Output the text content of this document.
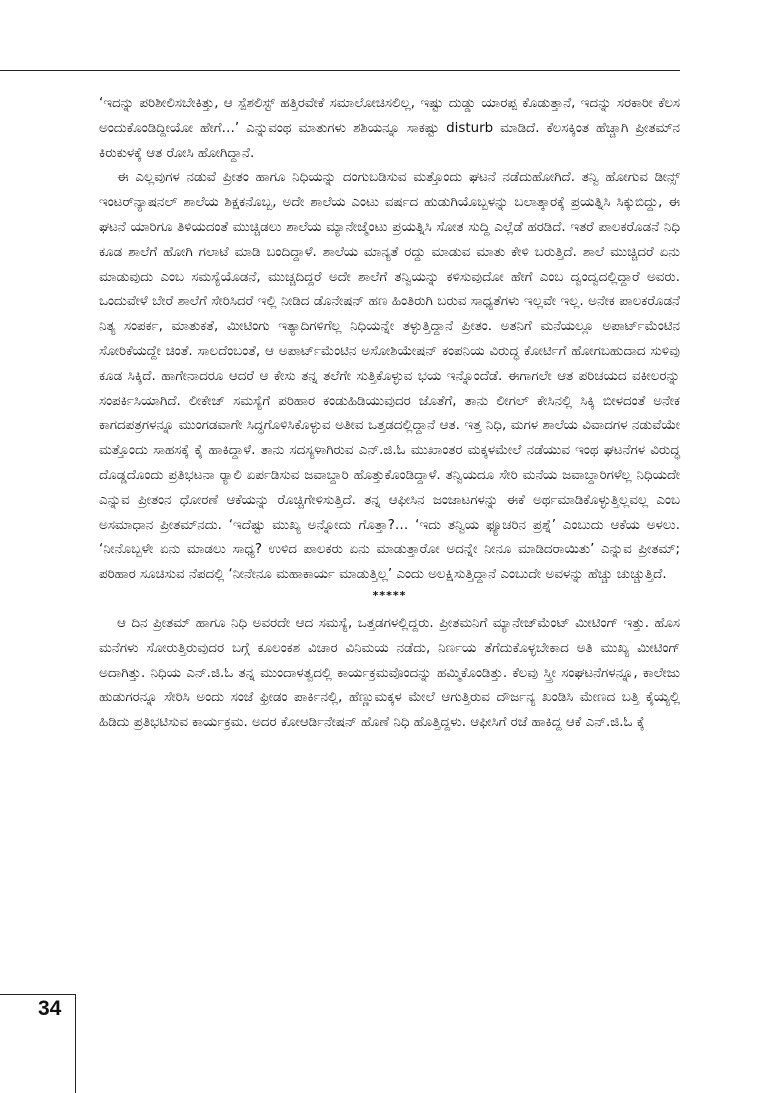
‘ಇದನ್ನು ಪರಿಶೀಲಿಸಬೇಕಿತ್ತು, ಆ ಸ್ಪೆಶಲಿಸ್ಟ್ ಹತ್ತಿರವೇಕೆ ಸಮಾಲೋಚಿಸಲಿಲ್ಲ, ಇಷ್ಟು ದುಡ್ಡು ಯಾರಪ್ಪ ಕೊಡುತ್ತಾನೆ, ಇದನ್ನು ಸರಕಾರೀ ಕೆಲಸ ಅಂದುಕೊಂಡಿದ್ದೀಯೋ ಹೇಗೆ…’ ಎನ್ನುವಂಥ ಮಾತುಗಳು ಶಶಿಯನ್ನೂ ಸಾಕಷ್ಟು disturb ಮಾಡಿದೆ. ಕೆಲಸಕ್ಕಿಂತ ಹೆಚ್ಚಾಗಿ ಪ್ರೀತಮ್‌ನ ಕಿರುಕುಳಕ್ಕೆ ಆತ ರೋಸಿ ಹೋಗಿದ್ದಾನೆ.

ಈ ಎಲ್ಲವುಗಳ ನಡುವೆ ಪ್ರೀತಂ ಹಾಗೂ ನಿಧಿಯನ್ನು ದಂಗುಬಡಿಸುವ ಮತ್ತೊಂದು ಘಟನೆ ನಡೆದುಹೋಗಿದೆ. ತನ್ವಿ ಹೋಗುವ ಡೀನ್ಸ್ ಇಂಟರ್‌ನ್ಯಾಷನಲ್ ಶಾಲೆಯ ಶಿಕ್ಷಕನೊಬ್ಬ, ಅದೇ ಶಾಲೆಯ ಎಂಟು ವರ್ಷದ ಹುಡುಗಿಯೊಬ್ಬಳನ್ನು ಬಲಾತ್ಕಾರಕ್ಕೆ ಪ್ರಯತ್ನಿಸಿ ಸಿಕ್ಕುಬಿದ್ದು, ಈ ಘಟನೆ ಯಾರಿಗೂ ತಿಳಿಯದಂತೆ ಮುಚ್ಚಿಡಲು ಶಾಲೆಯ ಮ್ಯಾನೇಜ್ಮೆಂಟು ಪ್ರಯತ್ನಿಸಿ ಸೋತ ಸುದ್ದಿ ಎಲ್ಲೆಡೆ ಹರಡಿದೆ. ಇತರೆ ಪಾಲಕರೊಡನೆ ನಿಧಿ ಕೂಡ ಶಾಲೆಗೆ ಹೋಗಿ ಗಲಾಟೆ ಮಾಡಿ ಬಂದಿದ್ದಾಳೆ. ಶಾಲೆಯ ಮಾನ್ಯತೆ ರದ್ದು ಮಾಡುವ ಮಾತು ಕೇಳಿ ಬರುತ್ತಿದೆ. ಶಾಲೆ ಮುಚ್ಚಿದರೆ ಏನು ಮಾಡುವುದು ಎಂಬ ಸಮಸ್ಯೆಯೊಡನೆ, ಮುಚ್ಚದಿದ್ದರೆ ಅದೇ ಶಾಲೆಗೆ ತನ್ವಿಯನ್ನು ಕಳಿಸುವುದೋ ಹೇಗೆ ಎಂಬ ದ್ವಂದ್ವದಲ್ಲಿದ್ದಾರೆ ಅವರು. ಒಂದುವೇಳೆ ಬೇರೆ ಶಾಲೆಗೆ ಸೇರಿಸಿದರೆ ಇಲ್ಲಿ ನೀಡಿದ ಡೊನೇಷನ್ ಹಣ ಹಿಂತಿರುಗಿ ಬರುವ ಸಾಧ್ಯತೆಗಳು ಇಲ್ಲವೇ ಇಲ್ಲ. ಅನೇಕ ಪಾಲಕರೊಡನೆ ನಿತ್ಯ ಸಂಪರ್ಕ, ಮಾತುಕತೆ, ಮೀಟಿಂಗು ಇತ್ಯಾದಿಗಳಿಗೆಲ್ಲ ನಿಧಿಯನ್ನೇ ತಳ್ಳುತ್ತಿದ್ದಾನೆ ಪ್ರೀತಂ. ಅತನಿಗೆ ಮನೆಯಲ್ಲೂ ಅಪಾರ್ಟ್‌ಮೆಂಟಿನ ಸೋರಿಕೆಯದ್ದೇ ಚಿಂತೆ. ಸಾಲದೆಂಬಂತೆ, ಆ ಅಪಾರ್ಟ್‌ಮೆಂಟಿನ ಅಸೋಶಿಯೇಷನ್ ಕಂಪನಿಯ ವಿರುದ್ಧ ಕೋರ್ಟಿಗೆ ಹೋಗಬಹುದಾದ ಸುಳಿವು ಕೂಡ ಸಿಕ್ಕಿದೆ. ಹಾಗೇನಾದರೂ ಆದರೆ ಆ ಕೇಸು ತನ್ನ ತಲೆಗೇ ಸುತ್ತಿಕೊಳ್ಳುವ ಭಯ ಇನ್ನೊಂದೆಡೆ. ಈಗಾಗಲೇ ಆತ ಪರಿಚಯದ ವಕೀಲರನ್ನು ಸಂಪರ್ಕಿಸಿಯಾಗಿದೆ. ಲೀಕೇಜ್ ಸಮಸ್ಯೆಗೆ ಪರಿಹಾರ ಕಂಡುಹಿಡಿಯುವುದರ ಜೊತೆಗೆ, ತಾನು ಲೀಗಲ್ ಕೇಸಿನಲ್ಲಿ ಸಿಕ್ಕಿ ಬೀಳದಂತೆ ಅನೇಕ ಕಾಗದಪತ್ರಗಳನ್ನೂ ಮುಂಗಡವಾಗೇ ಸಿದ್ಧಗೊಳಿಸಿಕೊಳ್ಳುವ ಅತೀವ ಒತ್ತಡದಲ್ಲಿದ್ದಾನೆ ಆತ. ಇತ್ತ ನಿಧಿ, ಮಗಳ ಶಾಲೆಯ ವಿವಾದಗಳ ನಡುವೆಯೇ ಮತ್ತೊಂದು ಸಾಹಸಕ್ಕೆ ಕೈ ಹಾಕಿದ್ದಾಳೆ. ತಾನು ಸದಸ್ಯಳಾಗಿರುವ ಎನ್.ಜಿ.ಓ ಮುಖಾಂತರ ಮಕ್ಕಳಮೇಲೆ ನಡೆಯುವ ಇಂಥ ಘಟನೆಗಳ ವಿರುದ್ಧ ದೊಡ್ಡದೊಂದು ಪ್ರತಿಭಟನಾ ರ‍್ಯಾಲಿ ಏರ್ಪಡಿಸುವ ಜವಾಬ್ದಾರಿ ಹೊತ್ತುಕೊಂಡಿದ್ದಾಳೆ. ತನ್ವಿಯದೂ ಸೇರಿ ಮನೆಯ ಜವಾಬ್ದಾರಿಗಳೆಲ್ಲ ನಿಧಿಯದೇ ಎನ್ನುವ ಪ್ರೀತಂನ ಧೋರಣೆ ಆಕೆಯನ್ನು ರೊಚ್ಚಿಗೇಳಿಸುತ್ತಿದೆ. ತನ್ನ ಆಫೀಸಿನ ಜಂಜಾಟಗಳನ್ನು ಈಕೆ ಅರ್ಥಮಾಡಿಕೊಳ್ಳುತ್ತಿಲ್ಲವಲ್ಲ ಎಂಬ ಅಸಮಾಧಾನ ಪ್ರೀತಮ್‌ನದು. ‘ಇದೆಷ್ಟು ಮುಖ್ಯ ಅನ್ನೋದು ಗೊತ್ತಾ?… ‘ಇದು ತನ್ವಿಯ ಫ್ಯೂಚರಿನ ಪ್ರಶ್ನೆ’ ಎಂಬುದು ಆಕೆಯ ಅಳಲು. ‘ನೀನೊಬ್ಬಳೇ ಏನು ಮಾಡಲು ಸಾಧ್ಯ? ಉಳಿದ ಪಾಲಕರು ಏನು ಮಾಡುತ್ತಾರೋ ಅದನ್ನೇ ನೀನೂ ಮಾಡಿದರಾಯಿತು’ ಎನ್ನುವ ಪ್ರೀತಮ್; ಪರಿಹಾರ ಸೂಚಿಸುವ ನೆಪದಲ್ಲಿ ‘ನೀನೇನೂ ಮಹಾಕಾರ್ಯ ಮಾಡುತ್ತಿಲ್ಲ’ ಎಂದು ಅಲಕ್ಷಿಸುತ್ತಿದ್ದಾನೆ ಎಂಬುದೇ ಅವಳನ್ನು ಹೆಚ್ಚು ಚುಚ್ಚುತ್ತಿದೆ.

*****

ಆ ದಿನ ಪ್ರೀತಮ್ ಹಾಗೂ ನಿಧಿ ಅವರದೇ ಆದ ಸಮಸ್ಯೆ, ಒತ್ತಡಗಳಲ್ಲಿದ್ದರು. ಪ್ರೀತಮನಿಗೆ ಮ್ಯಾನೇಜ್‌ಮೆಂಟ್ ಮೀಟಿಂಗ್ ಇತ್ತು. ಹೊಸ ಮನೆಗಳು ಸೋರುತ್ತಿರುವುದರ ಬಗ್ಗೆ ಕೂಲಂಕಶ ವಿಚಾರ ವಿನಿಮಯ ನಡೆದು, ನಿರ್ಣಯ ತೆಗೆದುಕೊಳ್ಳಬೇಕಾದ ಅತಿ ಮುಖ್ಯ ಮೀಟಿಂಗ್ ಅದಾಗಿತ್ತು. ನಿಧಿಯ ಎನ್.ಜಿ.ಓ ತನ್ನ ಮುಂದಾಳತ್ವದಲ್ಲಿ ಕಾರ್ಯಕ್ರಮವೊಂದನ್ನು ಹಮ್ಮಿಕೊಂಡಿತ್ತು. ಕೆಲವು ಸ್ತ್ರೀ ಸಂಘಟನೆಗಳನ್ನೂ, ಕಾಲೇಜು ಹುಡುಗರನ್ನೂ ಸೇರಿಸಿ ಅಂದು ಸಂಜೆ ಫ್ರೀಡಂ ಪಾರ್ಕಿನಲ್ಲಿ, ಹೆಣ್ಣುಮಕ್ಕಳ ಮೇಲೆ ಆಗುತ್ತಿರುವ ದೌರ್ಜನ್ಯ ಖಂಡಿಸಿ ಮೇಣದ ಬತ್ತಿ ಕೈಯ್ಯಲ್ಲಿ ಹಿಡಿದು ಪ್ರತಿಭಟಿಸುವ ಕಾರ್ಯಕ್ರಮ. ಅದರ ಕೋಆರ್ಡಿನೇಷನ್ ಹೊಣೆ ನಿಧಿ ಹೊತ್ತಿದ್ದಳು. ಆಫೀಸಿಗೆ ರಜೆ ಹಾಕಿದ್ದ ಆಕೆ ಎನ್.ಜಿ.ಓ ಕ್ಕೆ

34
